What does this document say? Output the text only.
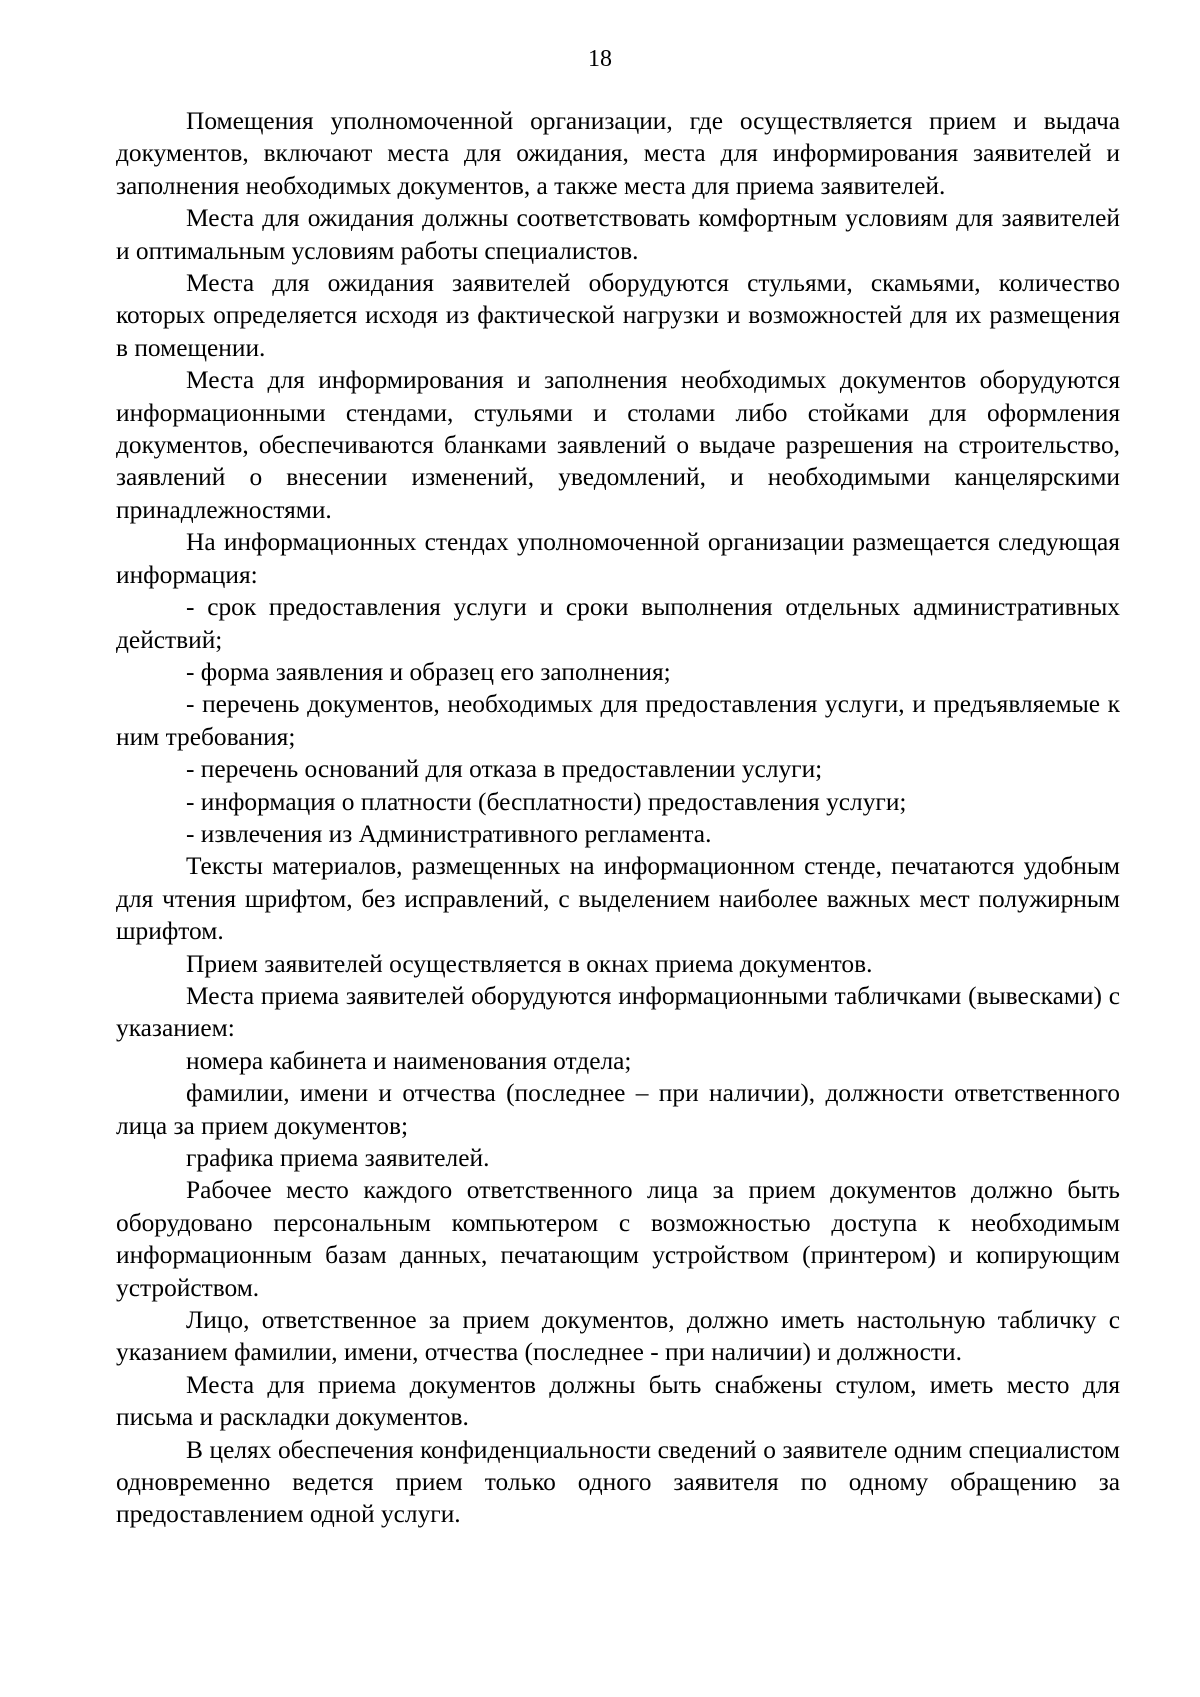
18

Помещения уполномоченной организации, где осуществляется прием и выдача документов, включают места для ожидания, места для информирования заявителей и заполнения необходимых документов, а также места для приема заявителей.

Места для ожидания должны соответствовать комфортным условиям для заявителей и оптимальным условиям работы специалистов.

Места для ожидания заявителей оборудуются стульями, скамьями, количество которых определяется исходя из фактической нагрузки и возможностей для их размещения в помещении.

Места для информирования и заполнения необходимых документов оборудуются информационными стендами, стульями и столами либо стойками для оформления документов, обеспечиваются бланками заявлений о выдаче разрешения на строительство, заявлений о внесении изменений, уведомлений, и необходимыми канцелярскими принадлежностями.

На информационных стендах уполномоченной организации размещается следующая информация:

- срок предоставления услуги и сроки выполнения отдельных административных действий;

- форма заявления и образец его заполнения;

- перечень документов, необходимых для предоставления услуги, и предъявляемые к ним требования;

- перечень оснований для отказа в предоставлении услуги;

- информация о платности (бесплатности) предоставления услуги;

- извлечения из Административного регламента.

Тексты материалов, размещенных на информационном стенде, печатаются удобным для чтения шрифтом, без исправлений, с выделением наиболее важных мест полужирным шрифтом.

Прием заявителей осуществляется в окнах приема документов.

Места приема заявителей оборудуются информационными табличками (вывесками) с указанием:

номера кабинета и наименования отдела;

фамилии, имени и отчества (последнее – при наличии), должности ответственного лица за прием документов;

графика приема заявителей.

Рабочее место каждого ответственного лица за прием документов должно быть оборудовано персональным компьютером с возможностью доступа к необходимым информационным базам данных, печатающим устройством (принтером) и копирующим устройством.

Лицо, ответственное за прием документов, должно иметь настольную табличку с указанием фамилии, имени, отчества (последнее - при наличии) и должности.

Места для приема документов должны быть снабжены стулом, иметь место для письма и раскладки документов.

В целях обеспечения конфиденциальности сведений о заявителе одним специалистом одновременно ведется прием только одного заявителя по одному обращению за предоставлением одной услуги.
